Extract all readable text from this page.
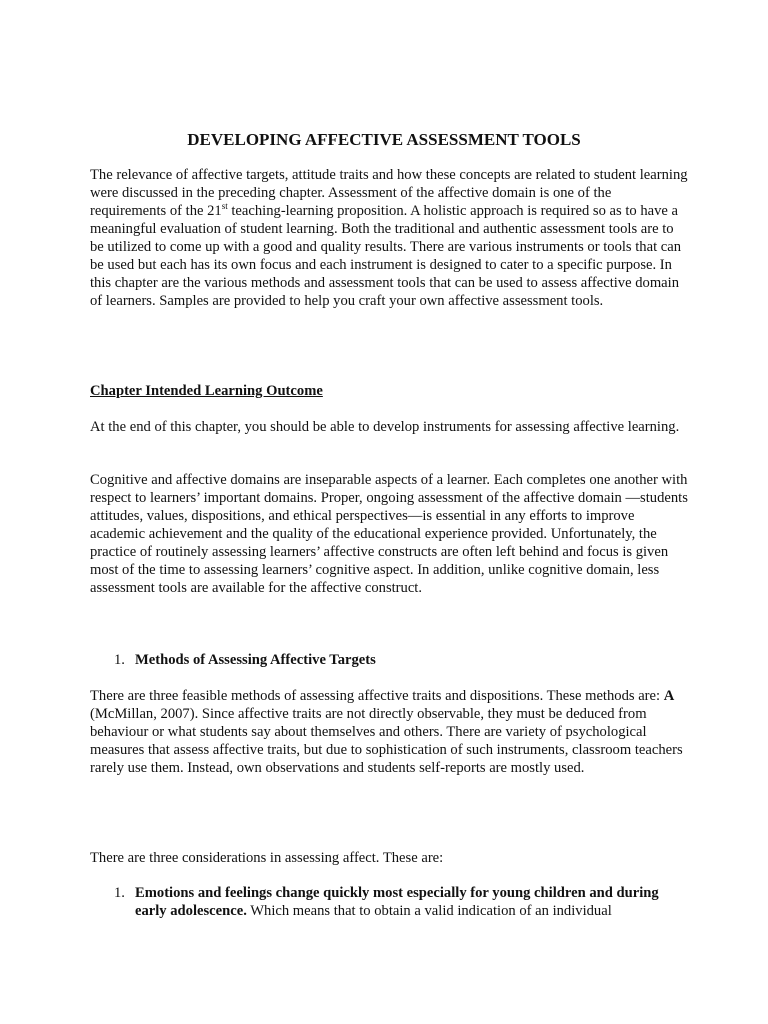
DEVELOPING AFFECTIVE ASSESSMENT TOOLS

The relevance of affective targets, attitude traits and how these concepts are related to student learning were discussed in the preceding chapter. Assessment of the affective domain is one of the requirements of the 21st teaching-learning proposition. A holistic approach is required so as to have a meaningful evaluation of student learning. Both the traditional and authentic assessment tools are to be utilized to come up with a good and quality results. There are various instruments or tools that can be used but each has its own focus and each instrument is designed to cater to a specific purpose. In this chapter are the various methods and assessment tools that can be used to assess affective domain of learners. Samples are provided to help you craft your own affective assessment tools.

Chapter Intended Learning Outcome

At the end of this chapter, you should be able to develop instruments for assessing affective learning.

Cognitive and affective domains are inseparable aspects of a learner. Each completes one another with respect to learners’ important domains. Proper, ongoing assessment of the affective domain —students attitudes, values, dispositions, and ethical perspectives—is essential in any efforts to improve academic achievement and the quality of the educational experience provided. Unfortunately, the practice of routinely assessing learners’ affective constructs are often left behind and focus is given most of the time to assessing learners’ cognitive aspect. In addition, unlike cognitive domain, less assessment tools are available for the affective construct.

1. Methods of Assessing Affective Targets

There are three feasible methods of assessing affective traits and dispositions. These methods are: A (McMillan, 2007). Since affective traits are not directly observable, they must be deduced from behaviour or what students say about themselves and others. There are variety of psychological measures that assess affective traits, but due to sophistication of such instruments, classroom teachers rarely use them. Instead, own observations and students self-reports are mostly used.

There are three considerations in assessing affect. These are:

1. Emotions and feelings change quickly most especially for young children and during early adolescence. Which means that to obtain a valid indication of an individual
